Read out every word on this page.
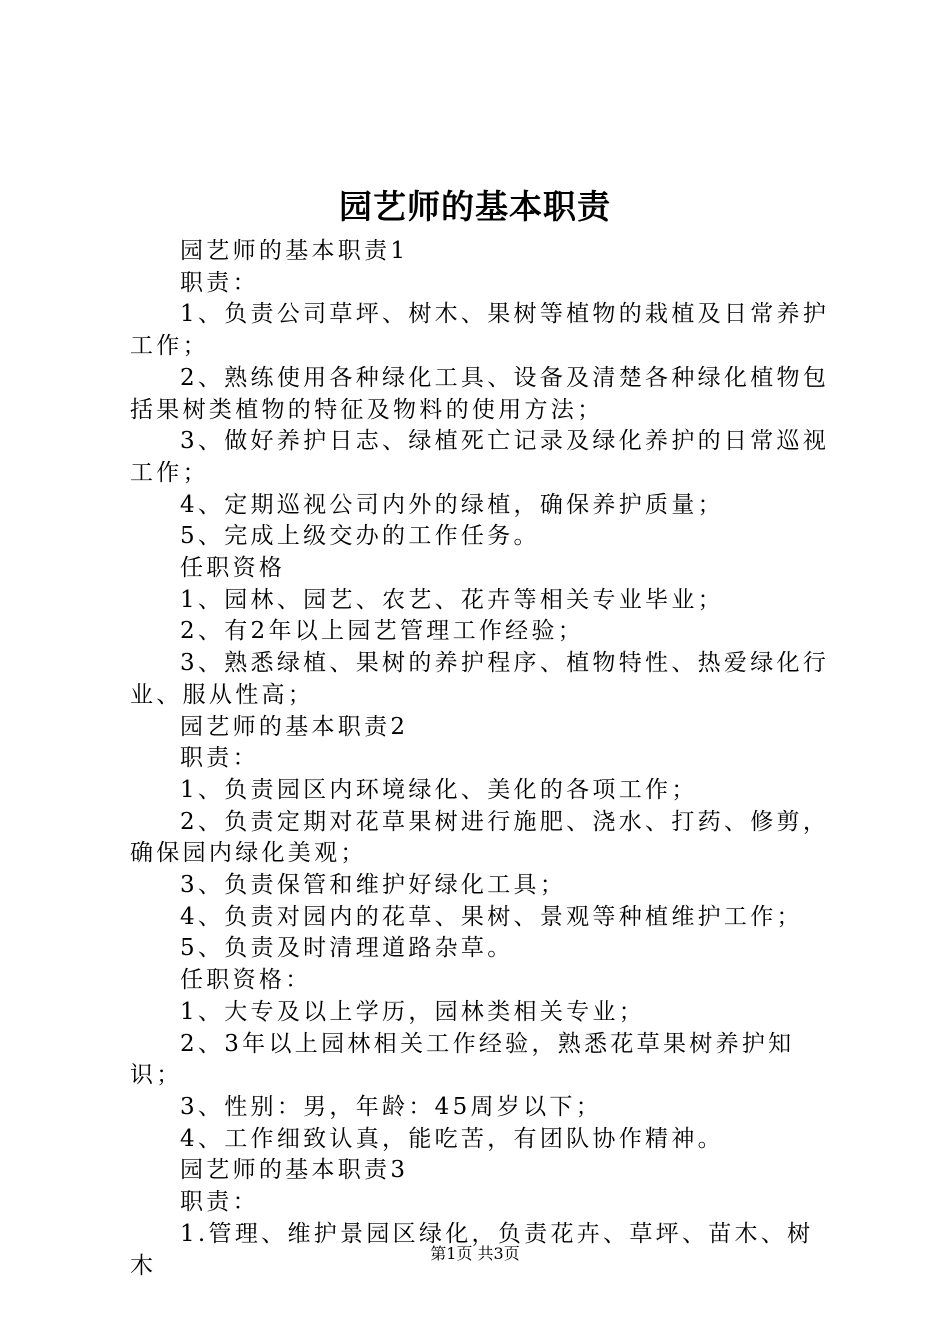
园艺师的基本职责

园艺师的基本职责1

职责：

1、负责公司草坪、树木、果树等植物的栽植及日常养护工作；

2、熟练使用各种绿化工具、设备及清楚各种绿化植物包括果树类植物的特征及物料的使用方法；

3、做好养护日志、绿植死亡记录及绿化养护的日常巡视工作；

4、定期巡视公司内外的绿植，确保养护质量；

5、完成上级交办的工作任务。

任职资格

1、园林、园艺、农艺、花卉等相关专业毕业；

2、有2年以上园艺管理工作经验；

3、熟悉绿植、果树的养护程序、植物特性、热爱绿化行业、服从性高；

园艺师的基本职责2

职责：

1、负责园区内环境绿化、美化的各项工作；

2、负责定期对花草果树进行施肥、浇水、打药、修剪，确保园内绿化美观；

3、负责保管和维护好绿化工具；

4、负责对园内的花草、果树、景观等种植维护工作；

5、负责及时清理道路杂草。

任职资格：

1、大专及以上学历，园林类相关专业；

2、3年以上园林相关工作经验，熟悉花草果树养护知识；

3、性别：男，年龄：45周岁以下；

4、工作细致认真，能吃苦，有团队协作精神。

园艺师的基本职责3

职责：

1.管理、维护景园区绿化，负责花卉、草坪、苗木、树木	第1页 共3页
